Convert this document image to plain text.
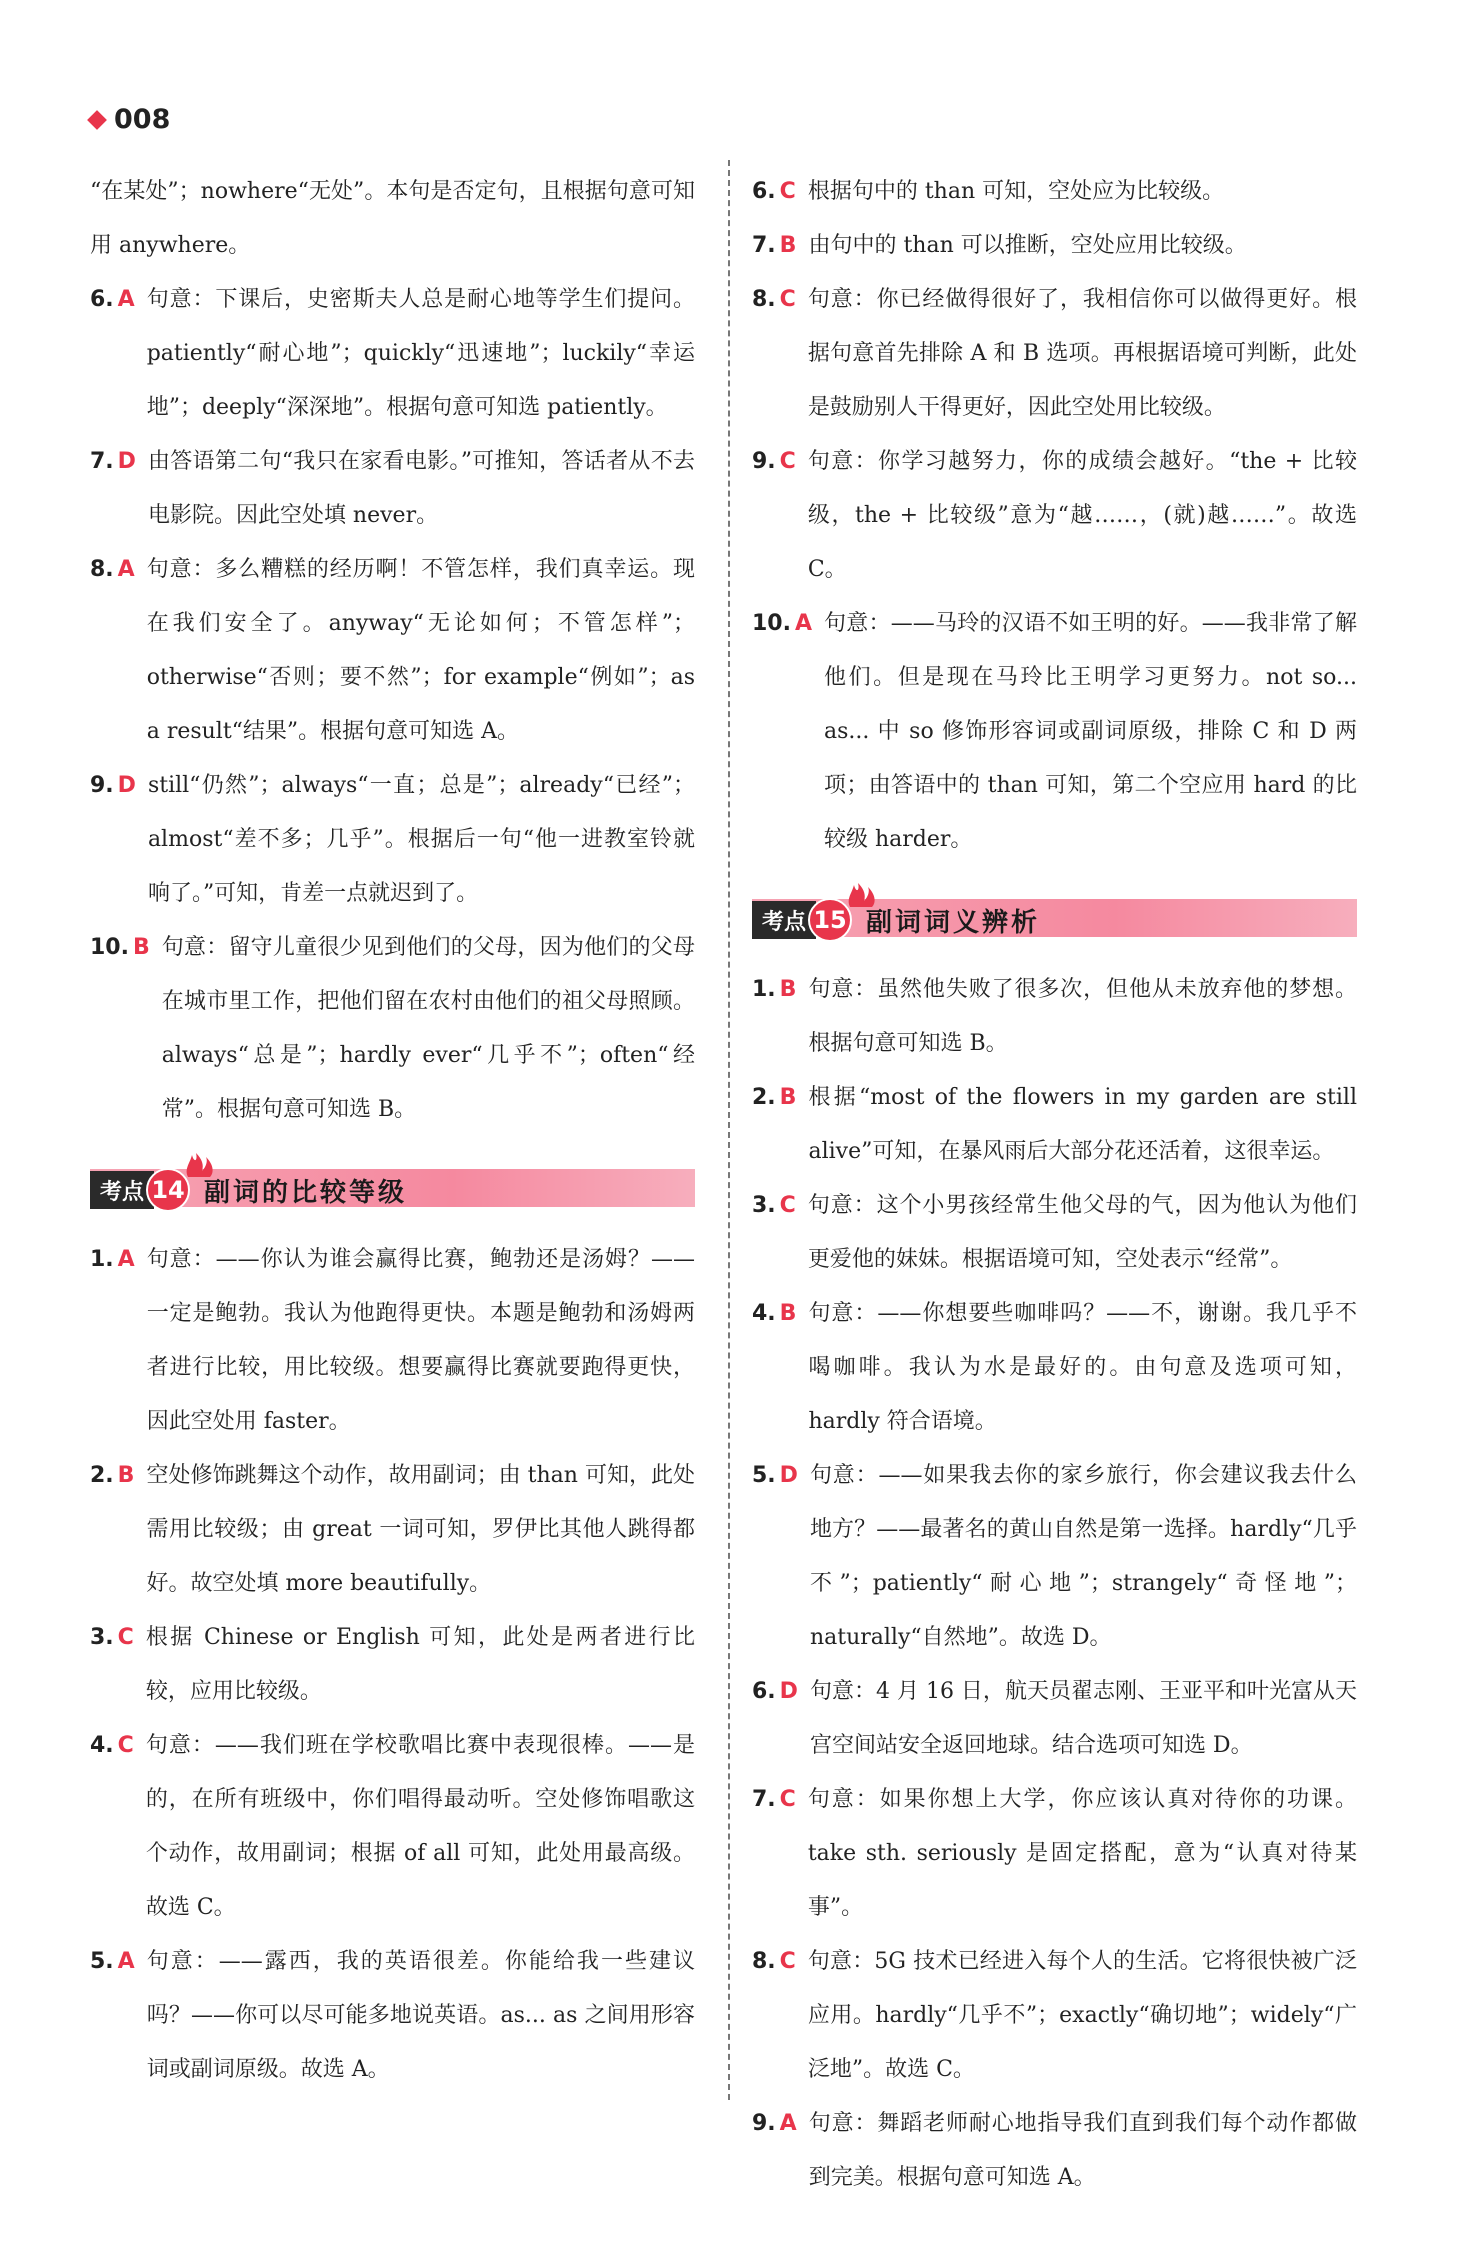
008

“在某处”；nowhere“无处”。本句是否定句，且根据句意可知用 anywhere。

6. A 句意：下课后，史密斯夫人总是耐心地等学生们提问。patiently“耐心地”；quickly“迅速地”；luckily“幸运地”；deeply“深深地”。根据句意可知选 patiently。
7. D 由答语第二句“我只在家看电影。”可推知，答话者从不去电影院。因此空处填 never。
8. A 句意：多么糟糕的经历啊！不管怎样，我们真幸运。现在我们安全了。anyway“无论如何；不管怎样”；otherwise“否则；要不然”；for example“例如”；as a result“结果”。根据句意可知选 A。
9. D still“仍然”；always“一直；总是”；already“已经”；almost“差不多；几乎”。根据后一句“他一进教室铃就响了。”可知，肯差一点就迟到了。
10. B 句意：留守儿童很少见到他们的父母，因为他们的父母在城市里工作，把他们留在农村由他们的祖父母照顾。always“总是”；hardly ever“几乎不”；often“经常”。根据句意可知选 B。
考点 14 副词的比较等级
1. A 句意：——你认为谁会赢得比赛，鲍勃还是汤姆？——一定是鲍勃。我认为他跑得更快。本题是鲍勃和汤姆两者进行比较，用比较级。想要赢得比赛就要跑得更快，因此空处用 faster。
2. B 空处修饰跳舞这个动作，故用副词；由 than 可知，此处需用比较级；由 great 一词可知，罗伊比其他人跳得都好。故空处填 more beautifully。
3. C 根据 Chinese or English 可知，此处是两者进行比较，应用比较级。
4. C 句意：——我们班在学校歌唱比赛中表现很棒。——是的，在所有班级中，你们唱得最动听。空处修饰唱歌这个动作，故用副词；根据 of all 可知，此处用最高级。故选 C。
5. A 句意：——露西，我的英语很差。你能给我一些建议吗？——你可以尽可能多地说英语。as... as 之间用形容词或副词原级。故选 A。
6. C 根据句中的 than 可知，空处应为比较级。
7. B 由句中的 than 可以推断，空处应用比较级。
8. C 句意：你已经做得很好了，我相信你可以做得更好。根据句意首先排除 A 和 B 选项。再根据语境可判断，此处是鼓励别人干得更好，因此空处用比较级。
9. C 句意：你学习越努力，你的成绩会越好。“the + 比较级，the + 比较级”意为“越……，(就)越……”。故选 C。
10. A 句意：——马玲的汉语不如王明的好。——我非常了解他们。但是现在马玲比王明学习更努力。not so... as... 中 so 修饰形容词或副词原级，排除 C 和 D 两项；由答语中的 than 可知，第二个空应用 hard 的比较级 harder。
考点 15 副词词义辨析
1. B 句意：虽然他失败了很多次，但他从未放弃他的梦想。根据句意可知选 B。
2. B 根据“most of the flowers in my garden are still alive”可知，在暴风雨后大部分花还活着，这很幸运。
3. C 句意：这个小男孩经常生他父母的气，因为他认为他们更爱他的妹妹。根据语境可知，空处表示“经常”。
4. B 句意：——你想要些咖啡吗？——不，谢谢。我几乎不喝咖啡。我认为水是最好的。由句意及选项可知，hardly 符合语境。
5. D 句意：——如果我去你的家乡旅行，你会建议我去什么地方？——最著名的黄山自然是第一选择。hardly“几乎不”；patiently“耐心地”；strangely“奇怪地”；naturally“自然地”。故选 D。
6. D 句意：4 月 16 日，航天员翟志刚、王亚平和叶光富从天宫空间站安全返回地球。结合选项可知选 D。
7. C 句意：如果你想上大学，你应该认真对待你的功课。take sth. seriously 是固定搭配，意为“认真对待某事”。
8. C 句意：5G 技术已经进入每个人的生活。它将很快被广泛应用。hardly“几乎不”；exactly“确切地”；widely“广泛地”。故选 C。
9. A 句意：舞蹈老师耐心地指导我们直到我们每个动作都做到完美。根据句意可知选 A。
